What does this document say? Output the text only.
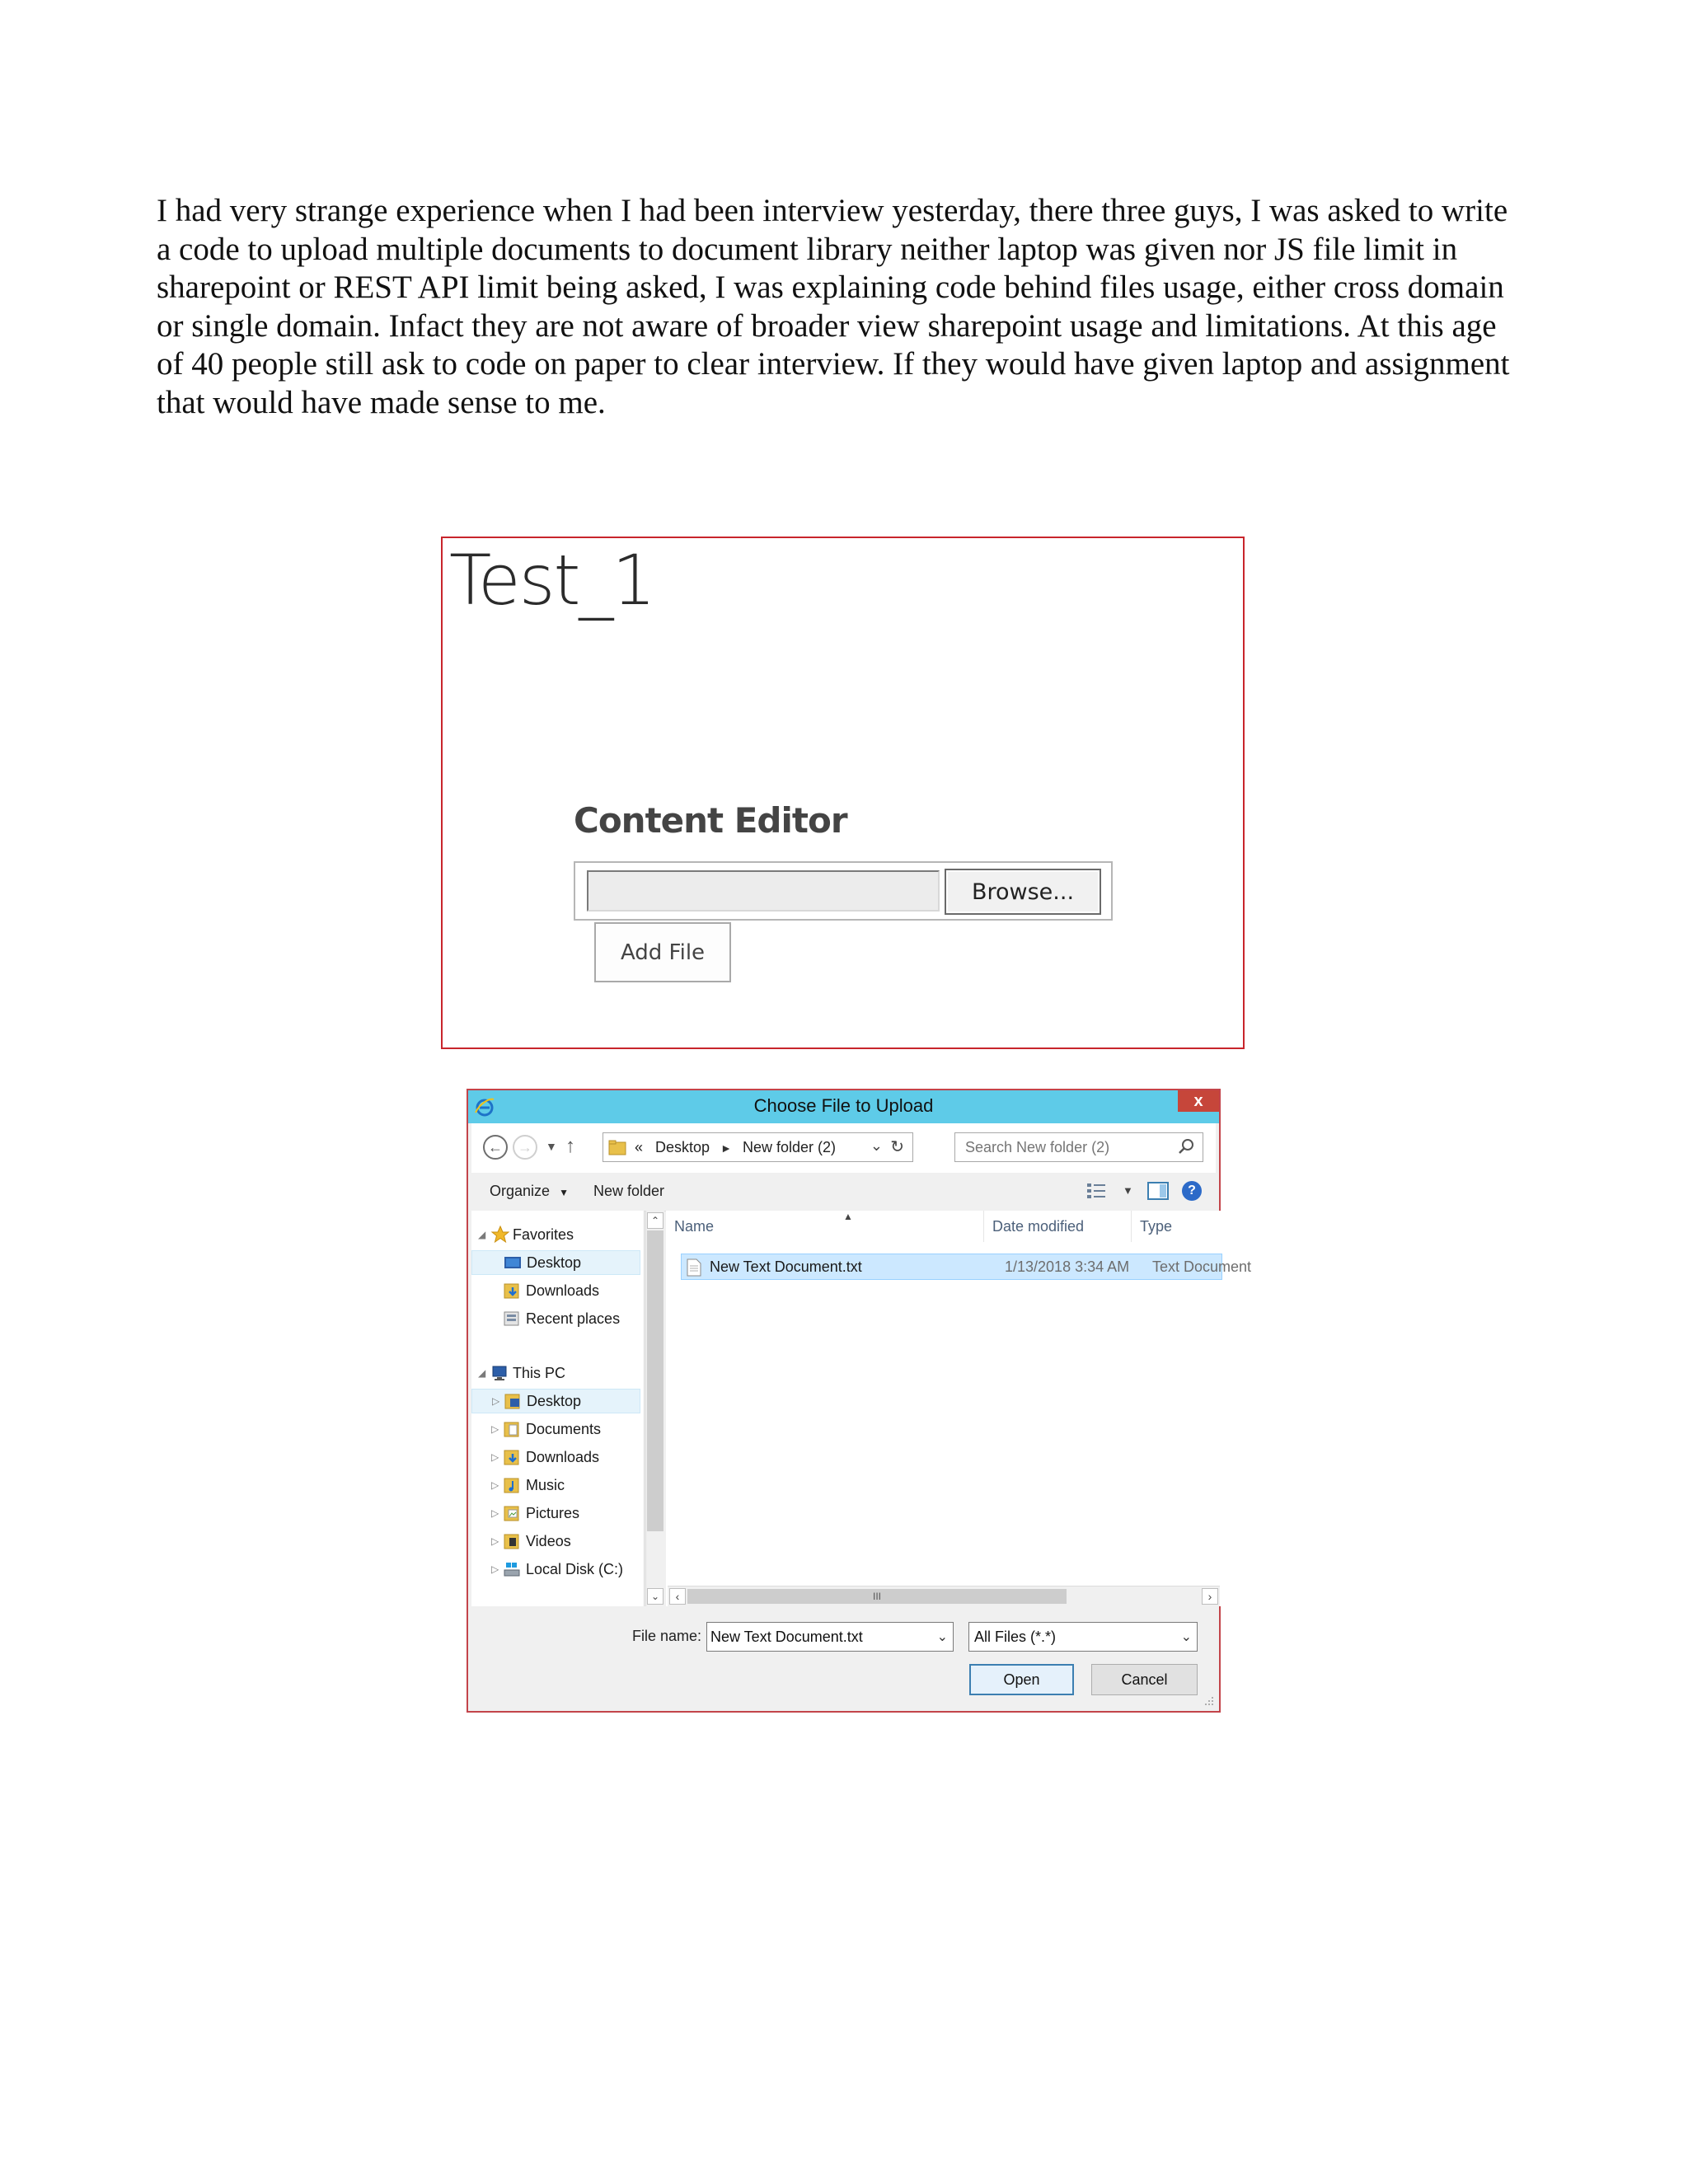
I had very strange experience when I had been interview yesterday, there three guys, I was asked to write a code to upload multiple documents to document library neither laptop was given nor JS file limit in sharepoint or REST API limit being asked, I was explaining code behind files usage, either cross domain or single domain. Infact they are not aware of broader view sharepoint usage and limitations. At this age of 40 people still ask to code on paper to clear interview. If they would have given laptop and assignment that would have made sense to me.

Test_1
Content Editor
Browse...
Add File
Choose File to Upload	x
←	→	▼ ↑	« Desktop ► New folder (2) ⌄ ↻
Search New folder (2)
Organize ▼ New folder	▼	?
◢ Favorites
Desktop
Downloads
Recent places
◢ This PC
▷ Desktop
▷ Documents
▷ Downloads
▷ Music
▷ Pictures
▷ Videos
▷ Local Disk (C:)
⌃
⌄
▲
Name	Date modified	Type
New Text Document.txt	1/13/2018 3:34 AM Text Document
‹	III	›
File name: New Text Document.txt	⌄	All Files (*.*)	⌄
Open	Cancel
